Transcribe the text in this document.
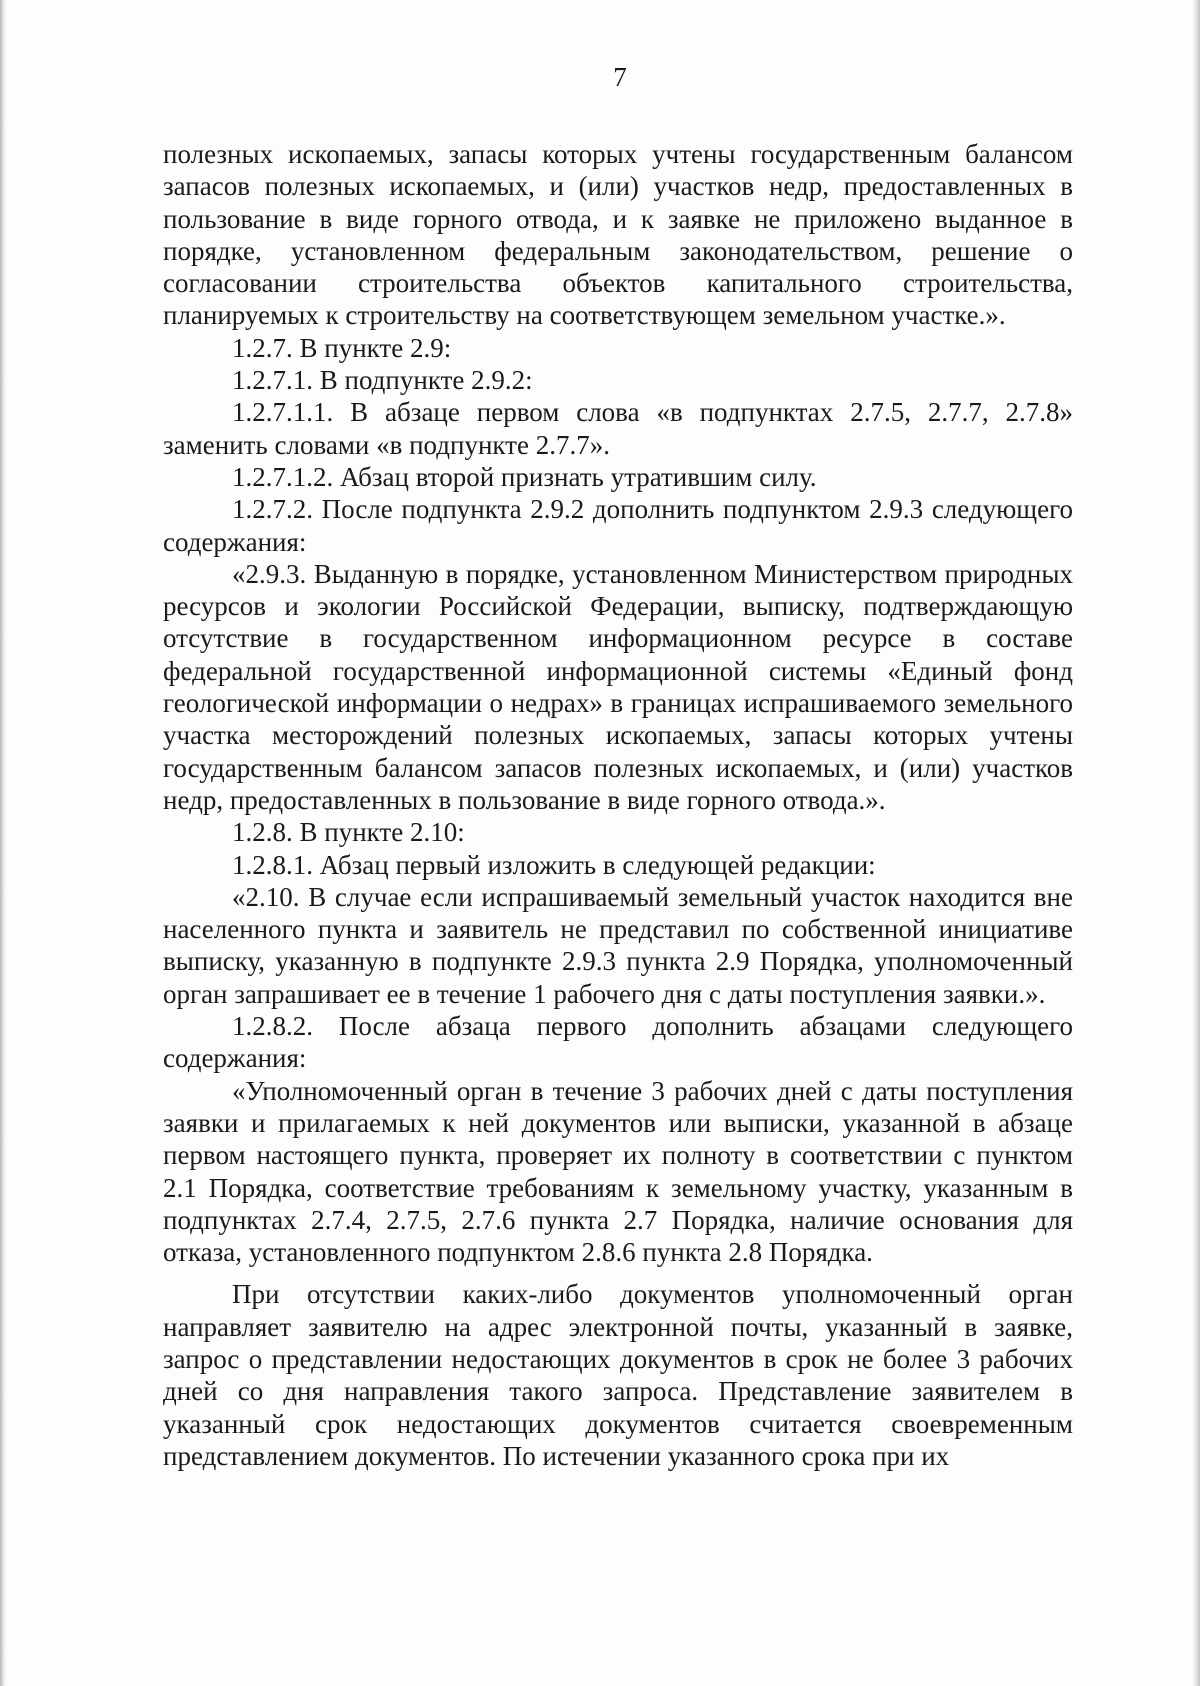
7

полезных ископаемых, запасы которых учтены государственным балансом запасов полезных ископаемых, и (или) участков недр, предоставленных в пользование в виде горного отвода, и к заявке не приложено выданное в порядке, установленном федеральным законодательством, решение о согласовании строительства объектов капитального строительства, планируемых к строительству на соответствующем земельном участке.».

1.2.7. В пункте 2.9:

1.2.7.1. В подпункте 2.9.2:

1.2.7.1.1. В абзаце первом слова «в подпунктах 2.7.5, 2.7.7, 2.7.8» заменить словами «в подпункте 2.7.7».

1.2.7.1.2. Абзац второй признать утратившим силу.

1.2.7.2. После подпункта 2.9.2 дополнить подпунктом 2.9.3 следующего содержания:

«2.9.3. Выданную в порядке, установленном Министерством природных ресурсов и экологии Российской Федерации, выписку, подтверждающую отсутствие в государственном информационном ресурсе в составе федеральной государственной информационной системы «Единый фонд геологической информации о недрах» в границах испрашиваемого земельного участка месторождений полезных ископаемых, запасы которых учтены государственным балансом запасов полезных ископаемых, и (или) участков недр, предоставленных в пользование в виде горного отвода.».

1.2.8. В пункте 2.10:

1.2.8.1. Абзац первый изложить в следующей редакции:

«2.10. В случае если испрашиваемый земельный участок находится вне населенного пункта и заявитель не представил по собственной инициативе выписку, указанную в подпункте 2.9.3 пункта 2.9 Порядка, уполномоченный орган запрашивает ее в течение 1 рабочего дня с даты поступления заявки.».

1.2.8.2. После абзаца первого дополнить абзацами следующего содержания:

«Уполномоченный орган в течение 3 рабочих дней с даты поступления заявки и прилагаемых к ней документов или выписки, указанной в абзаце первом настоящего пункта, проверяет их полноту в соответствии с пунктом 2.1 Порядка, соответствие требованиям к земельному участку, указанным в подпунктах 2.7.4, 2.7.5, 2.7.6 пункта 2.7 Порядка, наличие основания для отказа, установленного подпунктом 2.8.6 пункта 2.8 Порядка.

При отсутствии каких-либо документов уполномоченный орган направляет заявителю на адрес электронной почты, указанный в заявке, запрос о представлении недостающих документов в срок не более 3 рабочих дней со дня направления такого запроса. Представление заявителем в указанный срок недостающих документов считается своевременным представлением документов. По истечении указанного срока при их
